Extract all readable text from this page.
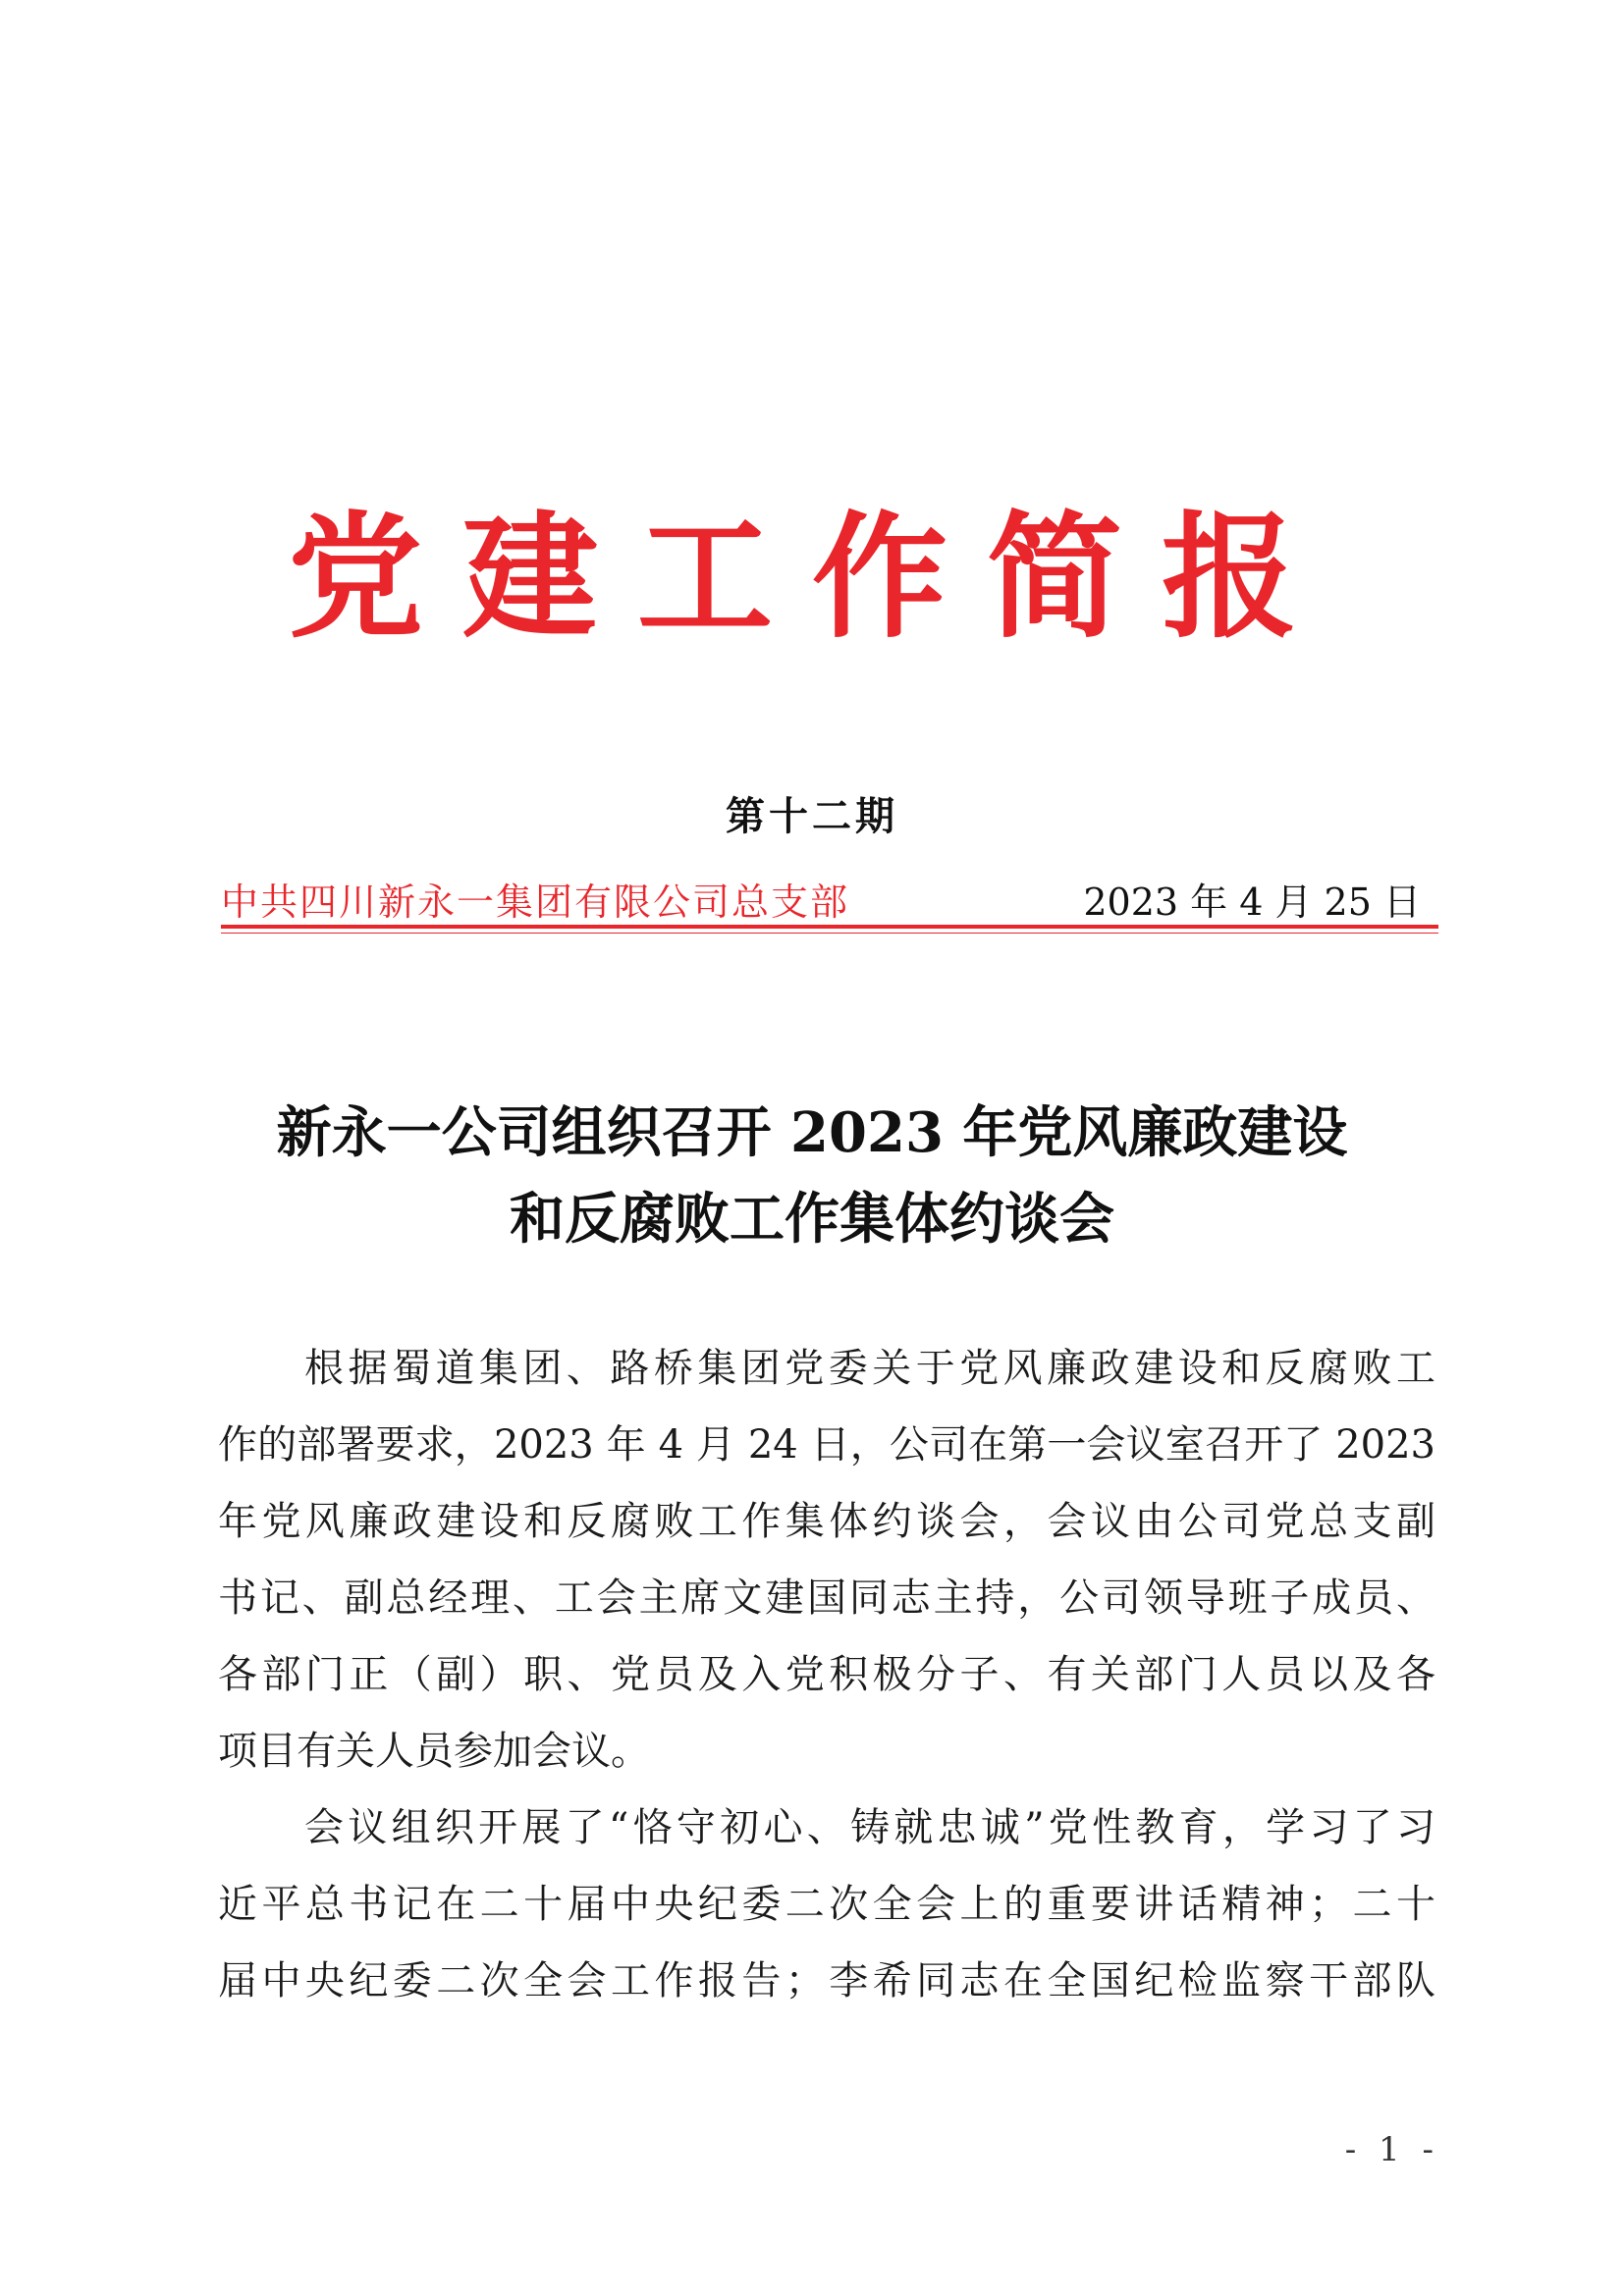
党建工作简报
第十二期
中共四川新永一集团有限公司总支部	2023 年 4 月 25 日
新永一公司组织召开 2023 年党风廉政建设
和反腐败工作集体约谈会

根据蜀道集团、路桥集团党委关于党风廉政建设和反腐败工
作的部署要求，2023 年 4 月 24 日，公司在第一会议室召开了 2023
年党风廉政建设和反腐败工作集体约谈会，会议由公司党总支副
书记、副总经理、工会主席文建国同志主持，公司领导班子成员、
各部门正（副）职、党员及入党积极分子、有关部门人员以及各
项目有关人员参加会议。

会议组织开展了“恪守初心、铸就忠诚”党性教育，学习了习
近平总书记在二十届中央纪委二次全会上的重要讲话精神；二十
届中央纪委二次全会工作报告；李希同志在全国纪检监察干部队

- 1 -
